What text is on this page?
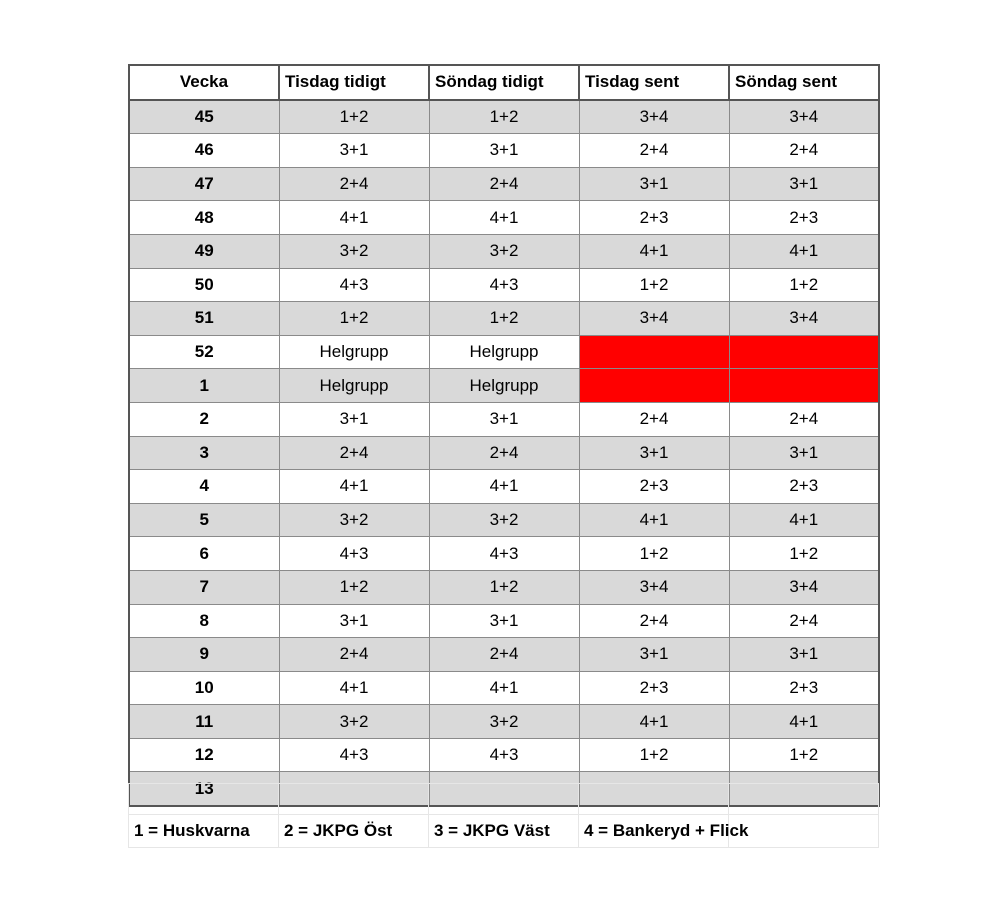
Vecka	Tisdag tidigt	Söndag tidigt	Tisdag sent	Söndag sent
45	1+2	1+2	3+4	3+4
46	3+1	3+1	2+4	2+4
47	2+4	2+4	3+1	3+1
48	4+1	4+1	2+3	2+3
49	3+2	3+2	4+1	4+1
50	4+3	4+3	1+2	1+2
51	1+2	1+2	3+4	3+4
52	Helgrupp	Helgrupp		
1	Helgrupp	Helgrupp		
2	3+1	3+1	2+4	2+4
3	2+4	2+4	3+1	3+1
4	4+1	4+1	2+3	2+3
5	3+2	3+2	4+1	4+1
6	4+3	4+3	1+2	1+2
7	1+2	1+2	3+4	3+4
8	3+1	3+1	2+4	2+4
9	2+4	2+4	3+1	3+1
10	4+1	4+1	2+3	2+3
11	3+2	3+2	4+1	4+1
12	4+3	4+3	1+2	1+2
13				

1 = Huskvarna	2 = JKPG Öst	3 = JKPG Väst	4 = Bankeryd + Flick	
